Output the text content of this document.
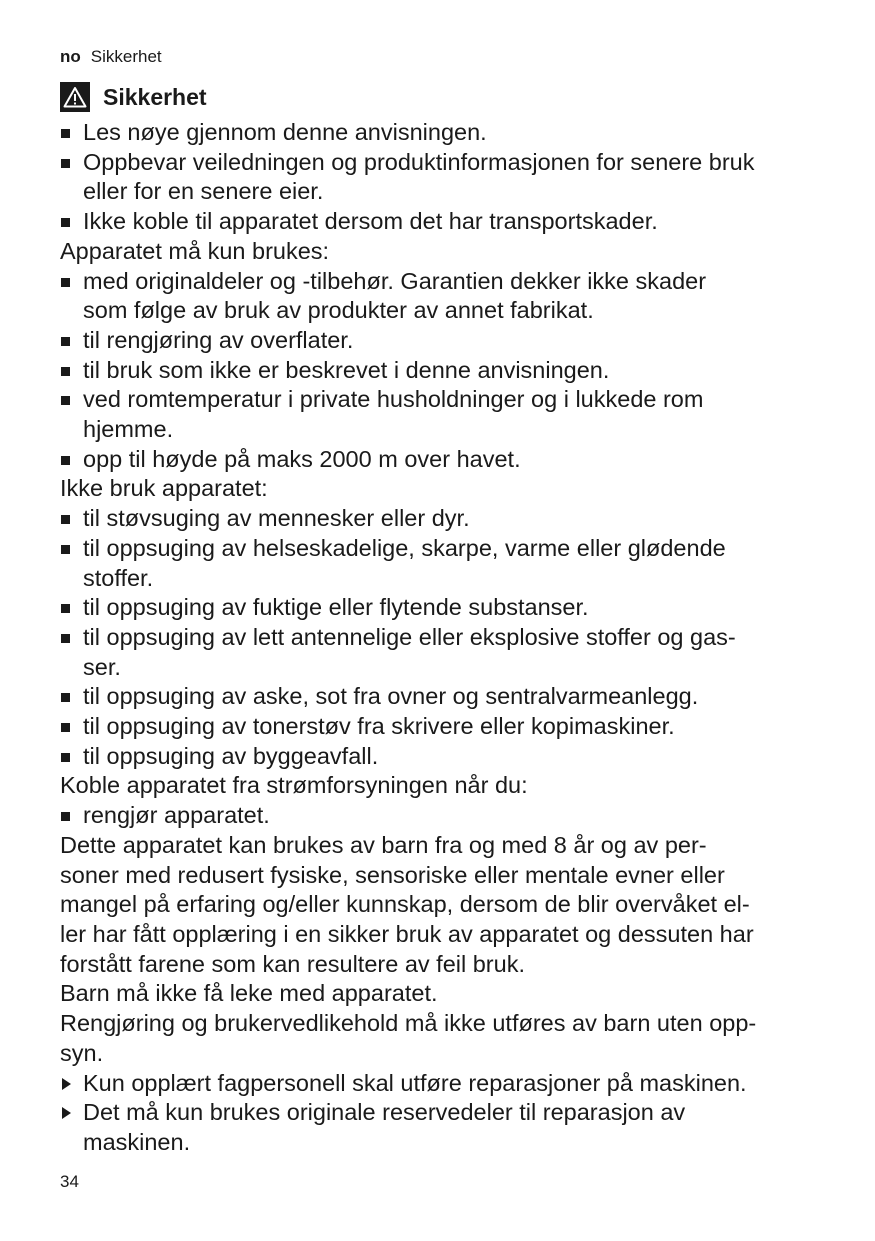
no Sikkerhet
Sikkerhet
Les nøye gjennom denne anvisningen.
Oppbevar veiledningen og produktinformasjonen for senere bruk
eller for en senere eier.
Ikke koble til apparatet dersom det har transportskader.
Apparatet må kun brukes:
med originaldeler og -tilbehør. Garantien dekker ikke skader
som følge av bruk av produkter av annet fabrikat.
til rengjøring av overflater.
til bruk som ikke er beskrevet i denne anvisningen.
ved romtemperatur i private husholdninger og i lukkede rom
hjemme.
opp til høyde på maks 2000 m over havet.
Ikke bruk apparatet:
til støvsuging av mennesker eller dyr.
til oppsuging av helseskadelige, skarpe, varme eller glødende
stoffer.
til oppsuging av fuktige eller flytende substanser.
til oppsuging av lett antennelige eller eksplosive stoffer og gas-
ser.
til oppsuging av aske, sot fra ovner og sentralvarmeanlegg.
til oppsuging av tonerstøv fra skrivere eller kopimaskiner.
til oppsuging av byggeavfall.
Koble apparatet fra strømforsyningen når du:
rengjør apparatet.
Dette apparatet kan brukes av barn fra og med 8 år og av per-
soner med redusert fysiske, sensoriske eller mentale evner eller
mangel på erfaring og/eller kunnskap, dersom de blir overvåket el-
ler har fått opplæring i en sikker bruk av apparatet og dessuten har
forstått farene som kan resultere av feil bruk.
Barn må ikke få leke med apparatet.
Rengjøring og brukervedlikehold må ikke utføres av barn uten opp-
syn.
Kun opplært fagpersonell skal utføre reparasjoner på maskinen.
Det må kun brukes originale reservedeler til reparasjon av
maskinen.
34
